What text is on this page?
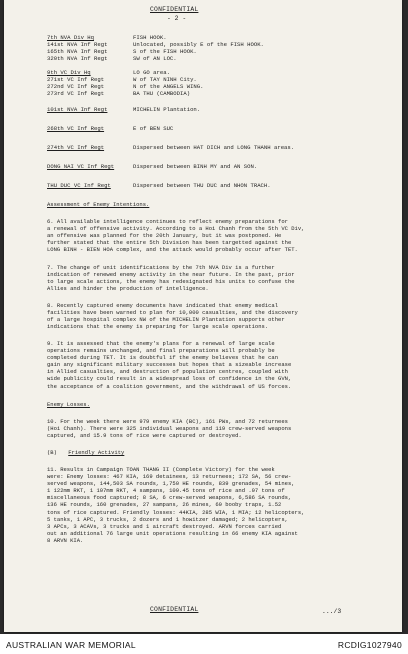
CONFIDENTIAL
- 2 -
7th NVA Div Hq	FISH HOOK.
141st NVA Inf Regt	Unlocated, possibly E of the FISH HOOK.
165th NVA Inf Regt	S of the FISH HOOK.
320th NVA Inf Regt	SW of AN LOC.
9th VC Div Hq	LO GO area.
271st VC Inf Regt	W of TAY NINH City.
272nd VC Inf Regt	N of the ANGELS WING.
273rd VC Inf Regt	BA THU (CAMBODIA)
101st NVA Inf Regt	MICHELIN Plantation.
268th VC Inf Regt	E of BEN SUC
274th VC Inf Regt	Dispersed between HAT DICH and LONG THANH areas.
DONG NAI VC Inf Regt	Dispersed between BINH MY and AN SON.
THU DUC VC Inf Regt	Dispersed between THU DUC and NHON TRACH.
Assessment of Enemy Intentions.
6. All available intelligence continues to reflect enemy preparations for
a renewal of offensive activity. According to a Hoi Chanh from the 5th VC Div,
an offensive was planned for the 20th January, but it was postponed. He
further stated that the entire 5th Division has been targetted against the
LONG BINH - BIEN HOA complex, and the attack would probably occur after TET.
7. The change of unit identifications by the 7th NVA Div is a further
indication of renewed enemy activity in the near future. In the past, prior
to large scale actions, the enemy has redesignated his units to confuse the
Allies and hinder the production of intelligence.
8. Recently captured enemy documents have indicated that enemy medical
facilities have been warned to plan for 10,000 casualties, and the discovery
of a large hospital complex NW of the MICHELIN Plantation supports other
indications that the enemy is preparing for large scale operations.
9. It is assessed that the enemy's plans for a renewal of large scale
operations remains unchanged, and final preparations will probably be
completed during TET. It is doubtful if the enemy believes that he can
gain any significant military successes but hopes that a sizeable increase
in Allied casualties, and destruction of population centres, coupled with
wide publicity could result in a widespread loss of confidence in the GVN,
the acceptance of a coalition government, and the withdrawal of US forces.
Enemy Losses.
10. For the week there were 979 enemy KIA (BC), 161 PWs, and 72 returnees
(Hoi Chanh). There were 325 individual weapons and 119 crew-served weapons
captured, and 15.9 tons of rice were captured or destroyed.
(B) Friendly Activity
11. Results in Campaign TOAN THANG II (Complete Victory) for the week
were: Enemy losses: 467 KIA, 169 detainees, 13 returnees; 172 SA, 56 crew-
served weapons, 144,503 SA rounds, 1,750 HE rounds, 839 grenades, 54 mines,
1 122mm RKT, 1 107mm RKT, 4 sampans, 109.45 tons of rice and .07 tons of
miscellaneous food captured; 8 SA, 6 crew-served weapons, 6,586 SA rounds,
136 HE rounds, 160 grenades, 27 sampans, 26 mines, 60 booby traps, 1.52
tons of rice captured. Friendly losses: 44KIA, 285 WIA, 1 MIA; 12 helicopters,
5 tanks, 1 APC, 3 trucks, 2 dozers and 1 howitzer damaged; 2 helicopters,
3 APCs, 3 ACAVs, 3 trucks and 1 aircraft destroyed. ARVN forces carried
out an additional 76 large unit operations resulting in 66 enemy KIA against
8 ARVN KIA.
CONFIDENTIAL	.../3
AUSTRALIAN WAR MEMORIAL	RCDIG1027940
